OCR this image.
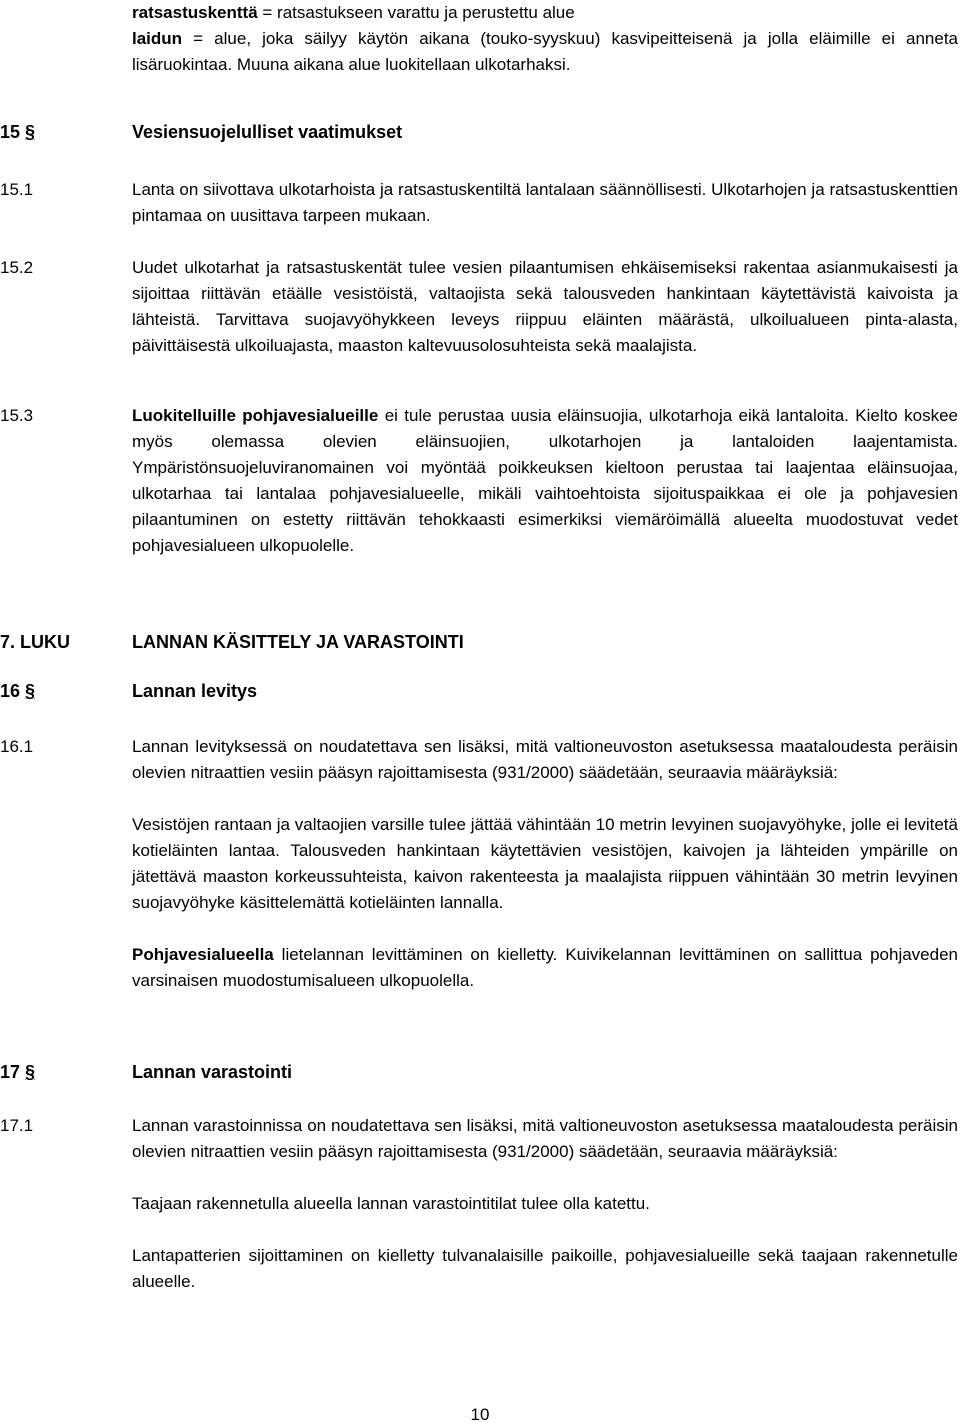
ratsastuskenttä = ratsastukseen varattu ja perustettu alue

laidun = alue, joka säilyy käytön aikana (touko-syyskuu) kasvipeitteisenä ja jolla eläimille ei anneta lisäruokintaa. Muuna aikana alue luokitellaan ulkotarhaksi.

15 §	Vesiensuojelulliset vaatimukset
15.1	Lanta on siivottava ulkotarhoista ja ratsastuskentiltä lantalaan säännöllisesti. Ulkotarhojen ja ratsastuskenttien pintamaa on uusittava tarpeen mukaan.
15.2	Uudet ulkotarhat ja ratsastuskentät tulee vesien pilaantumisen ehkäisemiseksi rakentaa asianmukaisesti ja sijoittaa riittävän etäälle vesistöistä, valtaojista sekä talousveden hankintaan käytettävistä kaivoista ja lähteistä. Tarvittava suojavyöhykkeen leveys riippuu eläinten määrästä, ulkoilualueen pinta-alasta, päivittäisestä ulkoiluajasta, maaston kaltevuusolosuhteista sekä maalajista.
15.3	Luokitelluille pohjavesialueille ei tule perustaa uusia eläinsuojia, ulkotarhoja eikä lantaloita. Kielto koskee myös olemassa olevien eläinsuojien, ulkotarhojen ja lantaloiden laajentamista. Ympäristönsuojeluviranomainen voi myöntää poikkeuksen kieltoon perustaa tai laajentaa eläinsuojaa, ulkotarhaa tai lantalaa pohjavesialueelle, mikäli vaihtoehtoista sijoituspaikkaa ei ole ja pohjavesien pilaantuminen on estetty riittävän tehokkaasti esimerkiksi viemäröimällä alueelta muodostuvat vedet pohjavesialueen ulkopuolelle.
7. LUKU	LANNAN KÄSITTELY JA VARASTOINTI
16 §	Lannan levitys
16.1	Lannan levityksessä on noudatettava sen lisäksi, mitä valtioneuvoston asetuksessa maataloudesta peräisin olevien nitraattien vesiin pääsyn rajoittamisesta (931/2000) säädetään, seuraavia määräyksiä:

Vesistöjen rantaan ja valtaojien varsille tulee jättää vähintään 10 metrin levyinen suojavyöhyke, jolle ei levitetä kotieläinten lantaa. Talousveden hankintaan käytettävien vesistöjen, kaivojen ja lähteiden ympärille on jätettävä maaston korkeussuhteista, kaivon rakenteesta ja maalajista riippuen vähintään 30 metrin levyinen suojavyöhyke käsittelemättä kotieläinten lannalla.

Pohjavesialueella lietelannan levittäminen on kielletty. Kuivikelannan levittäminen on sallittua pohjaveden varsinaisen muodostumisalueen ulkopuolella.

17 §	Lannan varastointi
17.1	Lannan varastoinnissa on noudatettava sen lisäksi, mitä valtioneuvoston asetuksessa maataloudesta peräisin olevien nitraattien vesiin pääsyn rajoittamisesta (931/2000) säädetään, seuraavia määräyksiä:

Taajaan rakennetulla alueella lannan varastointitilat tulee olla katettu.

Lantapatterien sijoittaminen on kielletty tulvanalaisille paikoille, pohjavesialueille sekä taajaan rakennetulle alueelle.

10
